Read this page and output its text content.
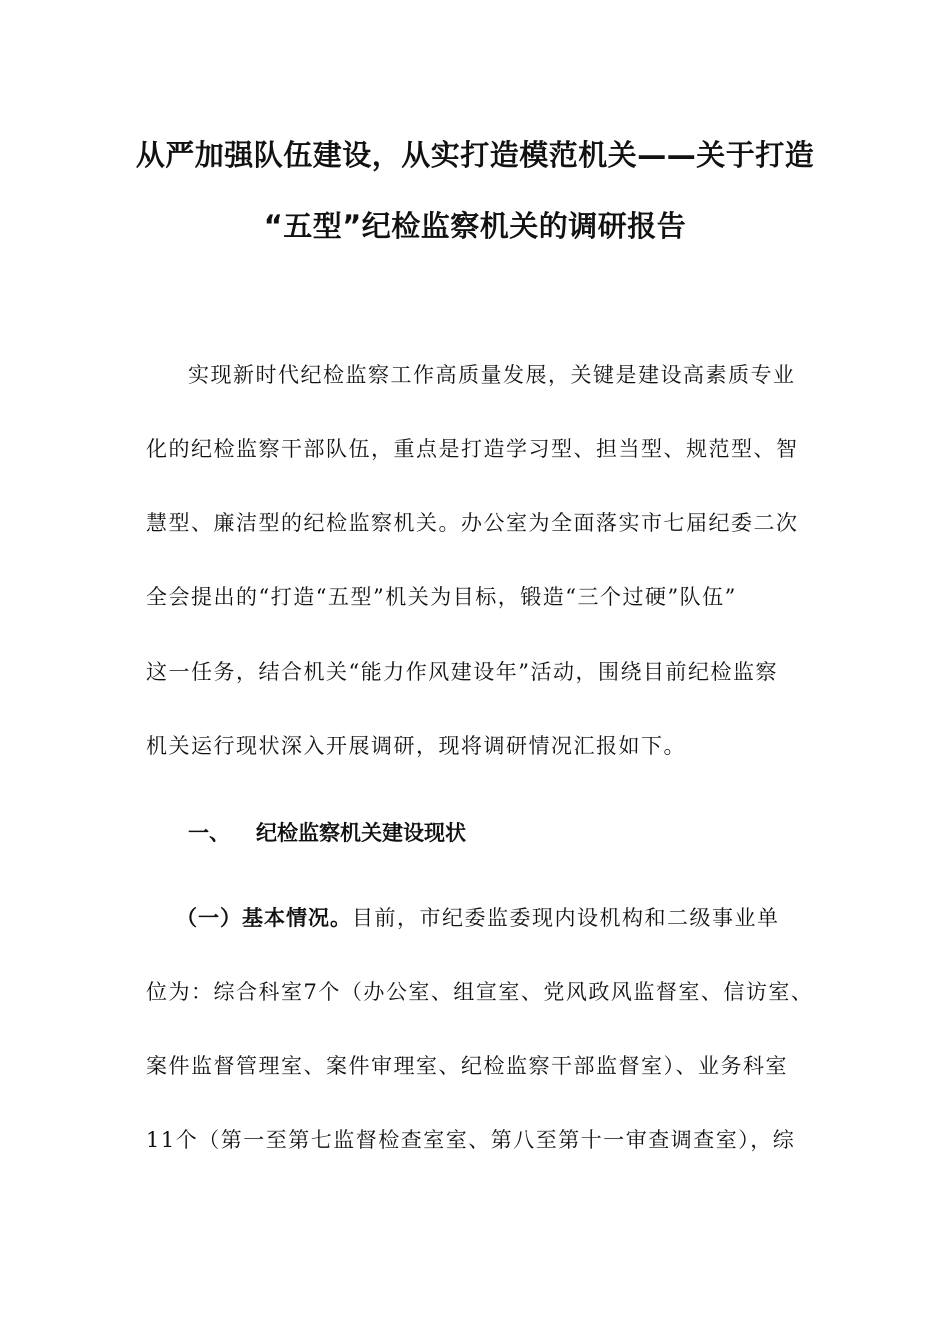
从严加强队伍建设，从实打造模范机关——关于打造
“五型”纪检监察机关的调研报告

实现新时代纪检监察工作高质量发展，关键是建设高素质专业

化的纪检监察干部队伍，重点是打造学习型、担当型、规范型、智

慧型、廉洁型的纪检监察机关。办公室为全面落实市七届纪委二次

全会提出的“打造“五型”机关为目标，锻造“三个过硬”队伍”

这一任务，结合机关“能力作风建设年”活动，围绕目前纪检监察

机关运行现状深入开展调研，现将调研情况汇报如下。

一、 纪检监察机关建设现状

（一）基本情况。目前，市纪委监委现内设机构和二级事业单

位为：综合科室7个（办公室、组宣室、党风政风监督室、信访室、

案件监督管理室、案件审理室、纪检监察干部监督室）、业务科室

11个（第一至第七监督检查室室、第八至第十一审查调查室），综
